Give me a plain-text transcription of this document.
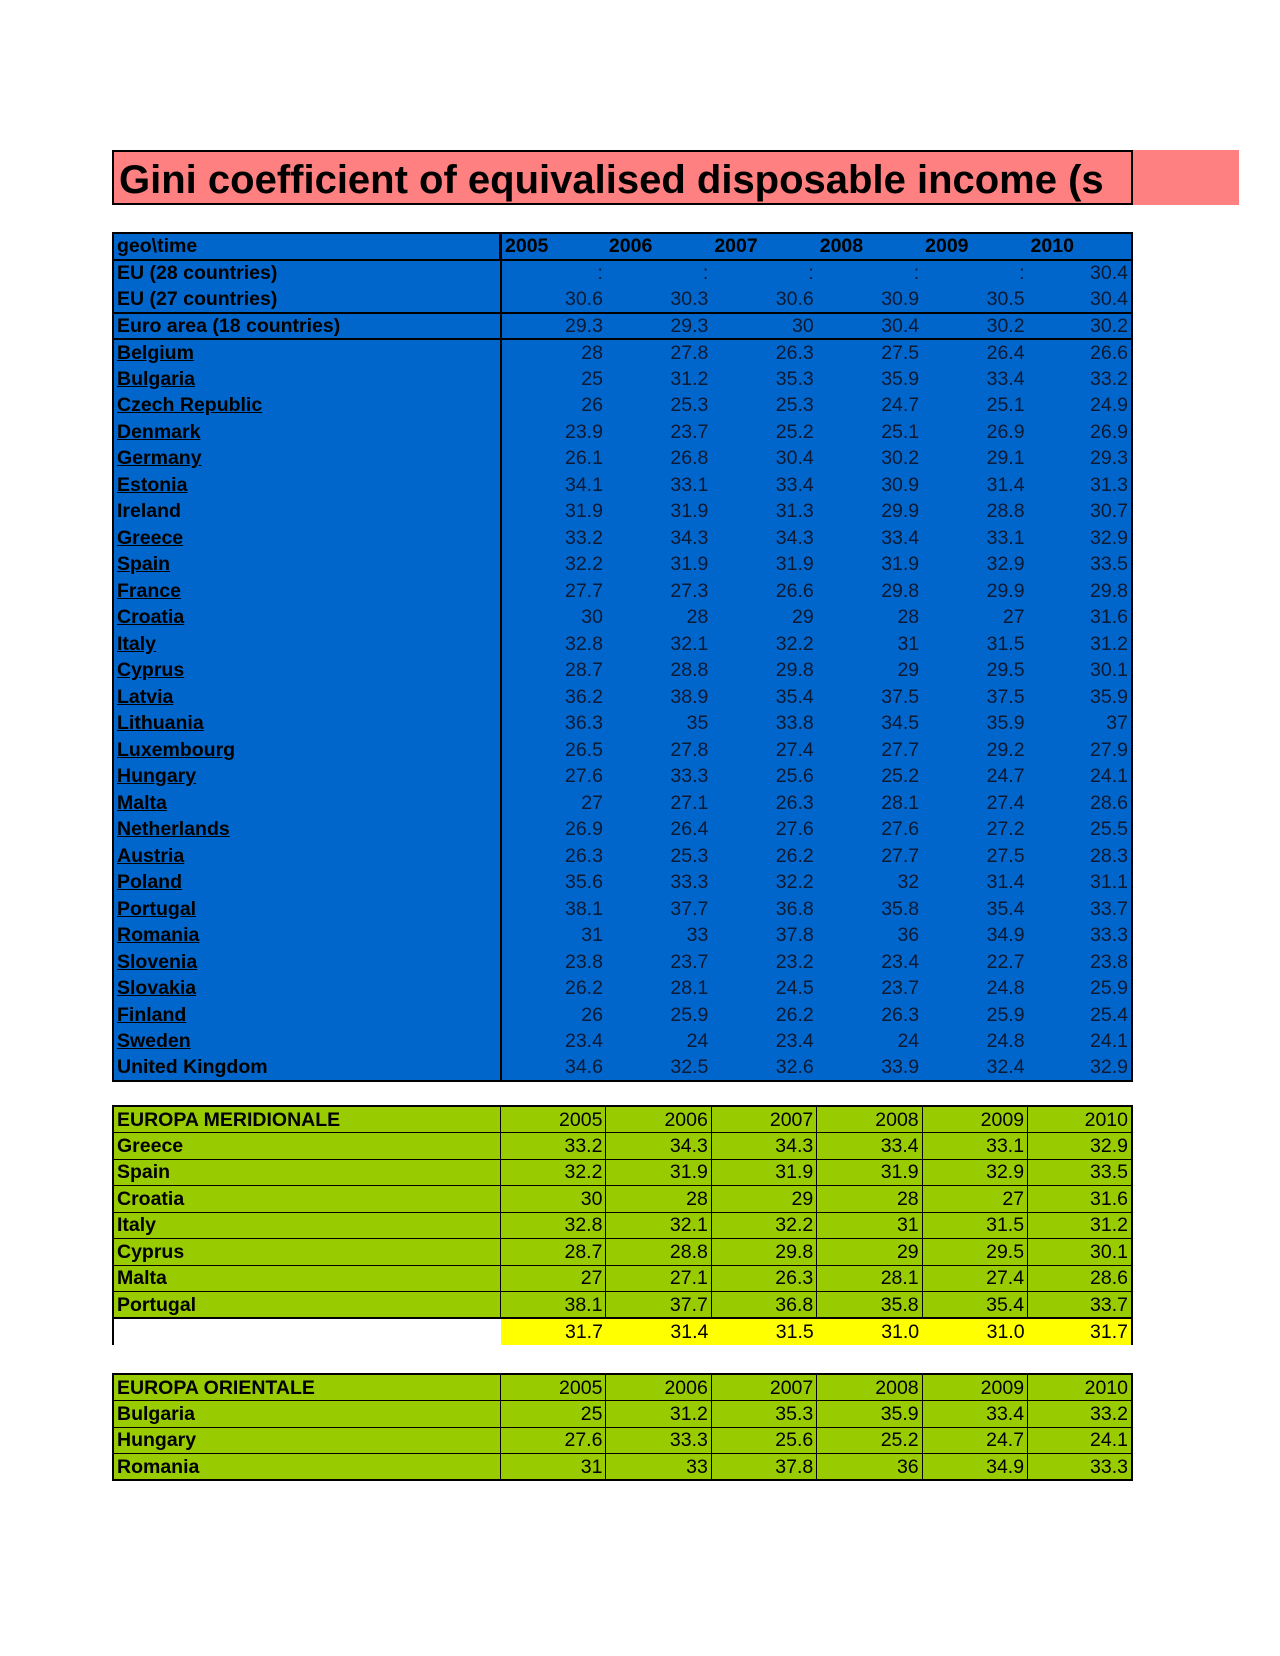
Gini coefficient of equivalised disposable income (s
geo\time	2005	2006	2007	2008	2009	2010
EU (28 countries)	:	:	:	:	:	30.4
EU (27 countries)	30.6	30.3	30.6	30.9	30.5	30.4
Euro area (18 countries)	29.3	29.3	30	30.4	30.2	30.2
Belgium	28	27.8	26.3	27.5	26.4	26.6
Bulgaria	25	31.2	35.3	35.9	33.4	33.2
Czech Republic	26	25.3	25.3	24.7	25.1	24.9
Denmark	23.9	23.7	25.2	25.1	26.9	26.9
Germany	26.1	26.8	30.4	30.2	29.1	29.3
Estonia	34.1	33.1	33.4	30.9	31.4	31.3
Ireland	31.9	31.9	31.3	29.9	28.8	30.7
Greece	33.2	34.3	34.3	33.4	33.1	32.9
Spain	32.2	31.9	31.9	31.9	32.9	33.5
France	27.7	27.3	26.6	29.8	29.9	29.8
Croatia	30	28	29	28	27	31.6
Italy	32.8	32.1	32.2	31	31.5	31.2
Cyprus	28.7	28.8	29.8	29	29.5	30.1
Latvia	36.2	38.9	35.4	37.5	37.5	35.9
Lithuania	36.3	35	33.8	34.5	35.9	37
Luxembourg	26.5	27.8	27.4	27.7	29.2	27.9
Hungary	27.6	33.3	25.6	25.2	24.7	24.1
Malta	27	27.1	26.3	28.1	27.4	28.6
Netherlands	26.9	26.4	27.6	27.6	27.2	25.5
Austria	26.3	25.3	26.2	27.7	27.5	28.3
Poland	35.6	33.3	32.2	32	31.4	31.1
Portugal	38.1	37.7	36.8	35.8	35.4	33.7
Romania	31	33	37.8	36	34.9	33.3
Slovenia	23.8	23.7	23.2	23.4	22.7	23.8
Slovakia	26.2	28.1	24.5	23.7	24.8	25.9
Finland	26	25.9	26.2	26.3	25.9	25.4
Sweden	23.4	24	23.4	24	24.8	24.1
United Kingdom	34.6	32.5	32.6	33.9	32.4	32.9
EUROPA MERIDIONALE	2005	2006	2007	2008	2009	2010
Greece	33.2	34.3	34.3	33.4	33.1	32.9
Spain	32.2	31.9	31.9	31.9	32.9	33.5
Croatia	30	28	29	28	27	31.6
Italy	32.8	32.1	32.2	31	31.5	31.2
Cyprus	28.7	28.8	29.8	29	29.5	30.1
Malta	27	27.1	26.3	28.1	27.4	28.6
Portugal	38.1	37.7	36.8	35.8	35.4	33.7
	31.7	31.4	31.5	31.0	31.0	31.7
EUROPA ORIENTALE	2005	2006	2007	2008	2009	2010
Bulgaria	25	31.2	35.3	35.9	33.4	33.2
Hungary	27.6	33.3	25.6	25.2	24.7	24.1
Romania	31	33	37.8	36	34.9	33.3
